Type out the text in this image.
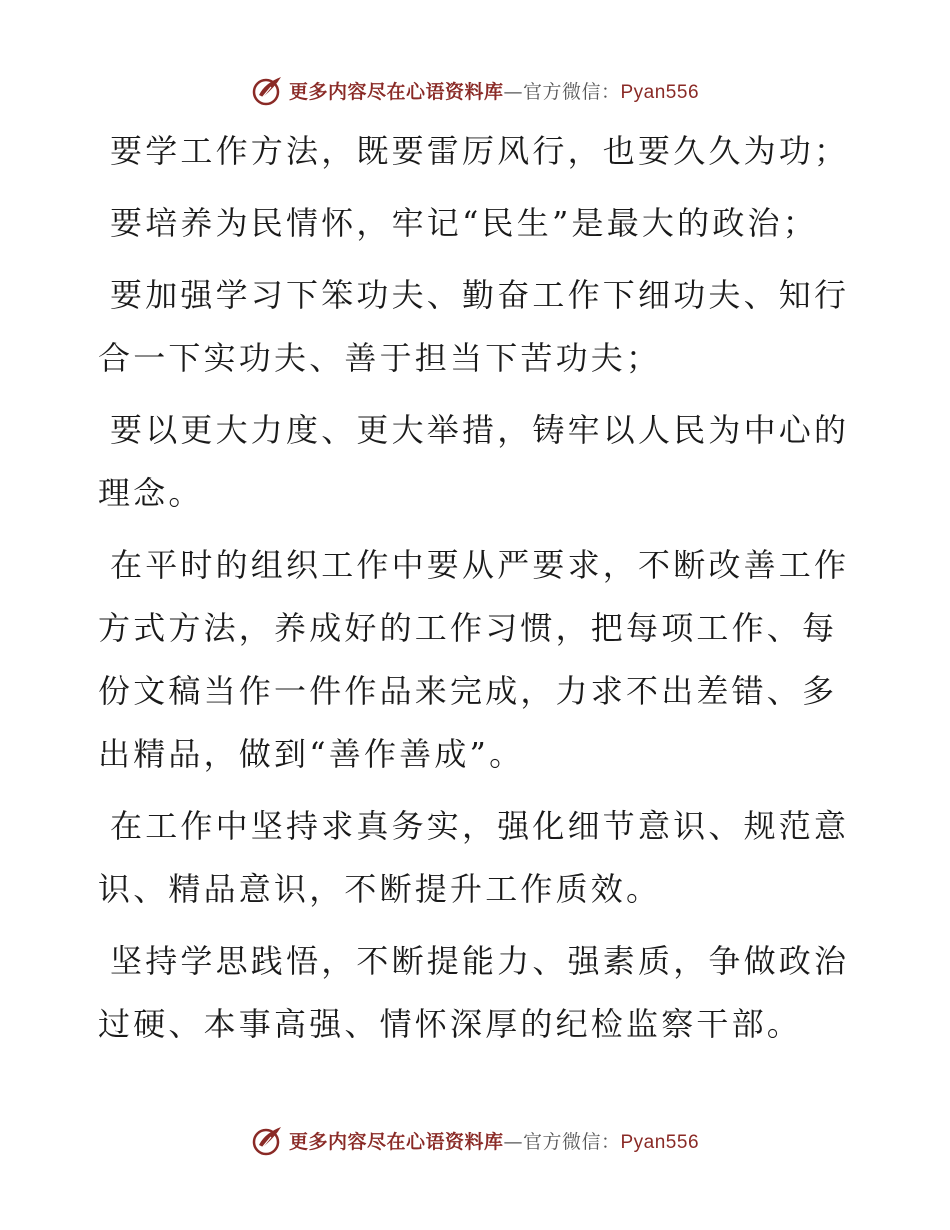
更多内容尽在心语资料库—官方微信：Pyan556

要学工作方法，既要雷厉风行，也要久久为功；

要培养为民情怀，牢记“民生”是最大的政治；

要加强学习下笨功夫、勤奋工作下细功夫、知行合一下实功夫、善于担当下苦功夫；

要以更大力度、更大举措，铸牢以人民为中心的理念。

在平时的组织工作中要从严要求，不断改善工作方式方法，养成好的工作习惯，把每项工作、每份文稿当作一件作品来完成，力求不出差错、多出精品，做到“善作善成”。

在工作中坚持求真务实，强化细节意识、规范意识、精品意识，不断提升工作质效。

坚持学思践悟，不断提能力、强素质，争做政治过硬、本事高强、情怀深厚的纪检监察干部。

更多内容尽在心语资料库—官方微信：Pyan556
